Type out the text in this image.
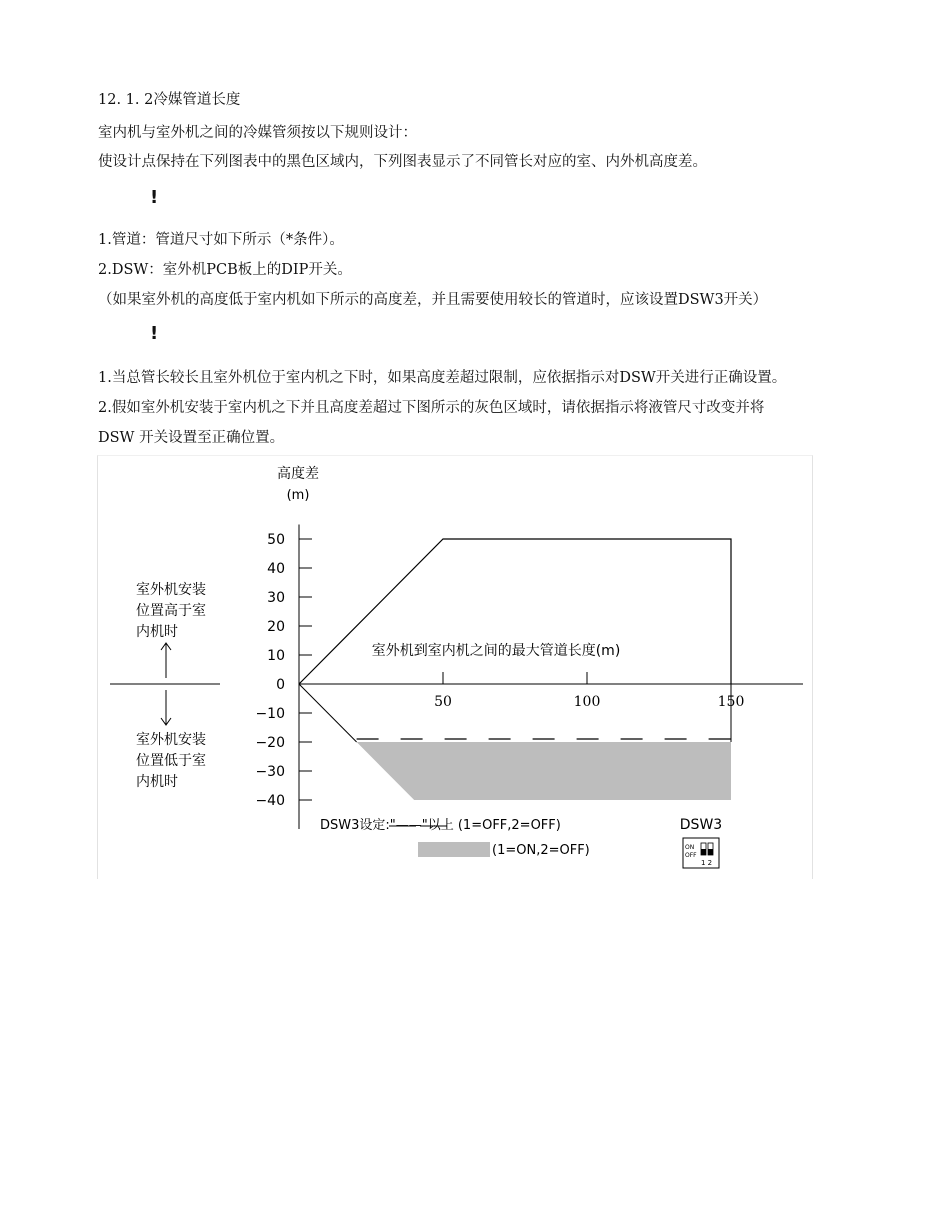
12. 1. 2冷媒管道长度
室内机与室外机之间的冷媒管须按以下规则设计：
使设计点保持在下列图表中的黑色区域内，下列图表显示了不同管长对应的室、内外机高度差。
!
1.管道：管道尺寸如下所示（*条件）。
2.DSW：室外机PCB板上的DIP开关。
（如果室外机的高度低于室内机如下所示的高度差，并且需要使用较长的管道时，应该设置DSW3开关）
!
1.当总管长较长且室外机位于室内机之下时，如果高度差超过限制，应依据指示对DSW开关进行正确设置。
2.假如室外机安装于室内机之下并且高度差超过下图所示的灰色区域时，请依据指示将液管尺寸改变并将
DSW 开关设置至正确位置。
高度差
(m)
室外机安装
位置高于室
内机时
室外机安装
位置低于室
内机时
50
40
30
20
10
0
−10
−20
−30
−40
50	100	150
室外机到室内机之间的最大管道长度(m)
DSW3设定:"——"以上 (1=OFF,2=OFF)
(1=ON,2=OFF)
DSW3
ON
OFF
1 2
